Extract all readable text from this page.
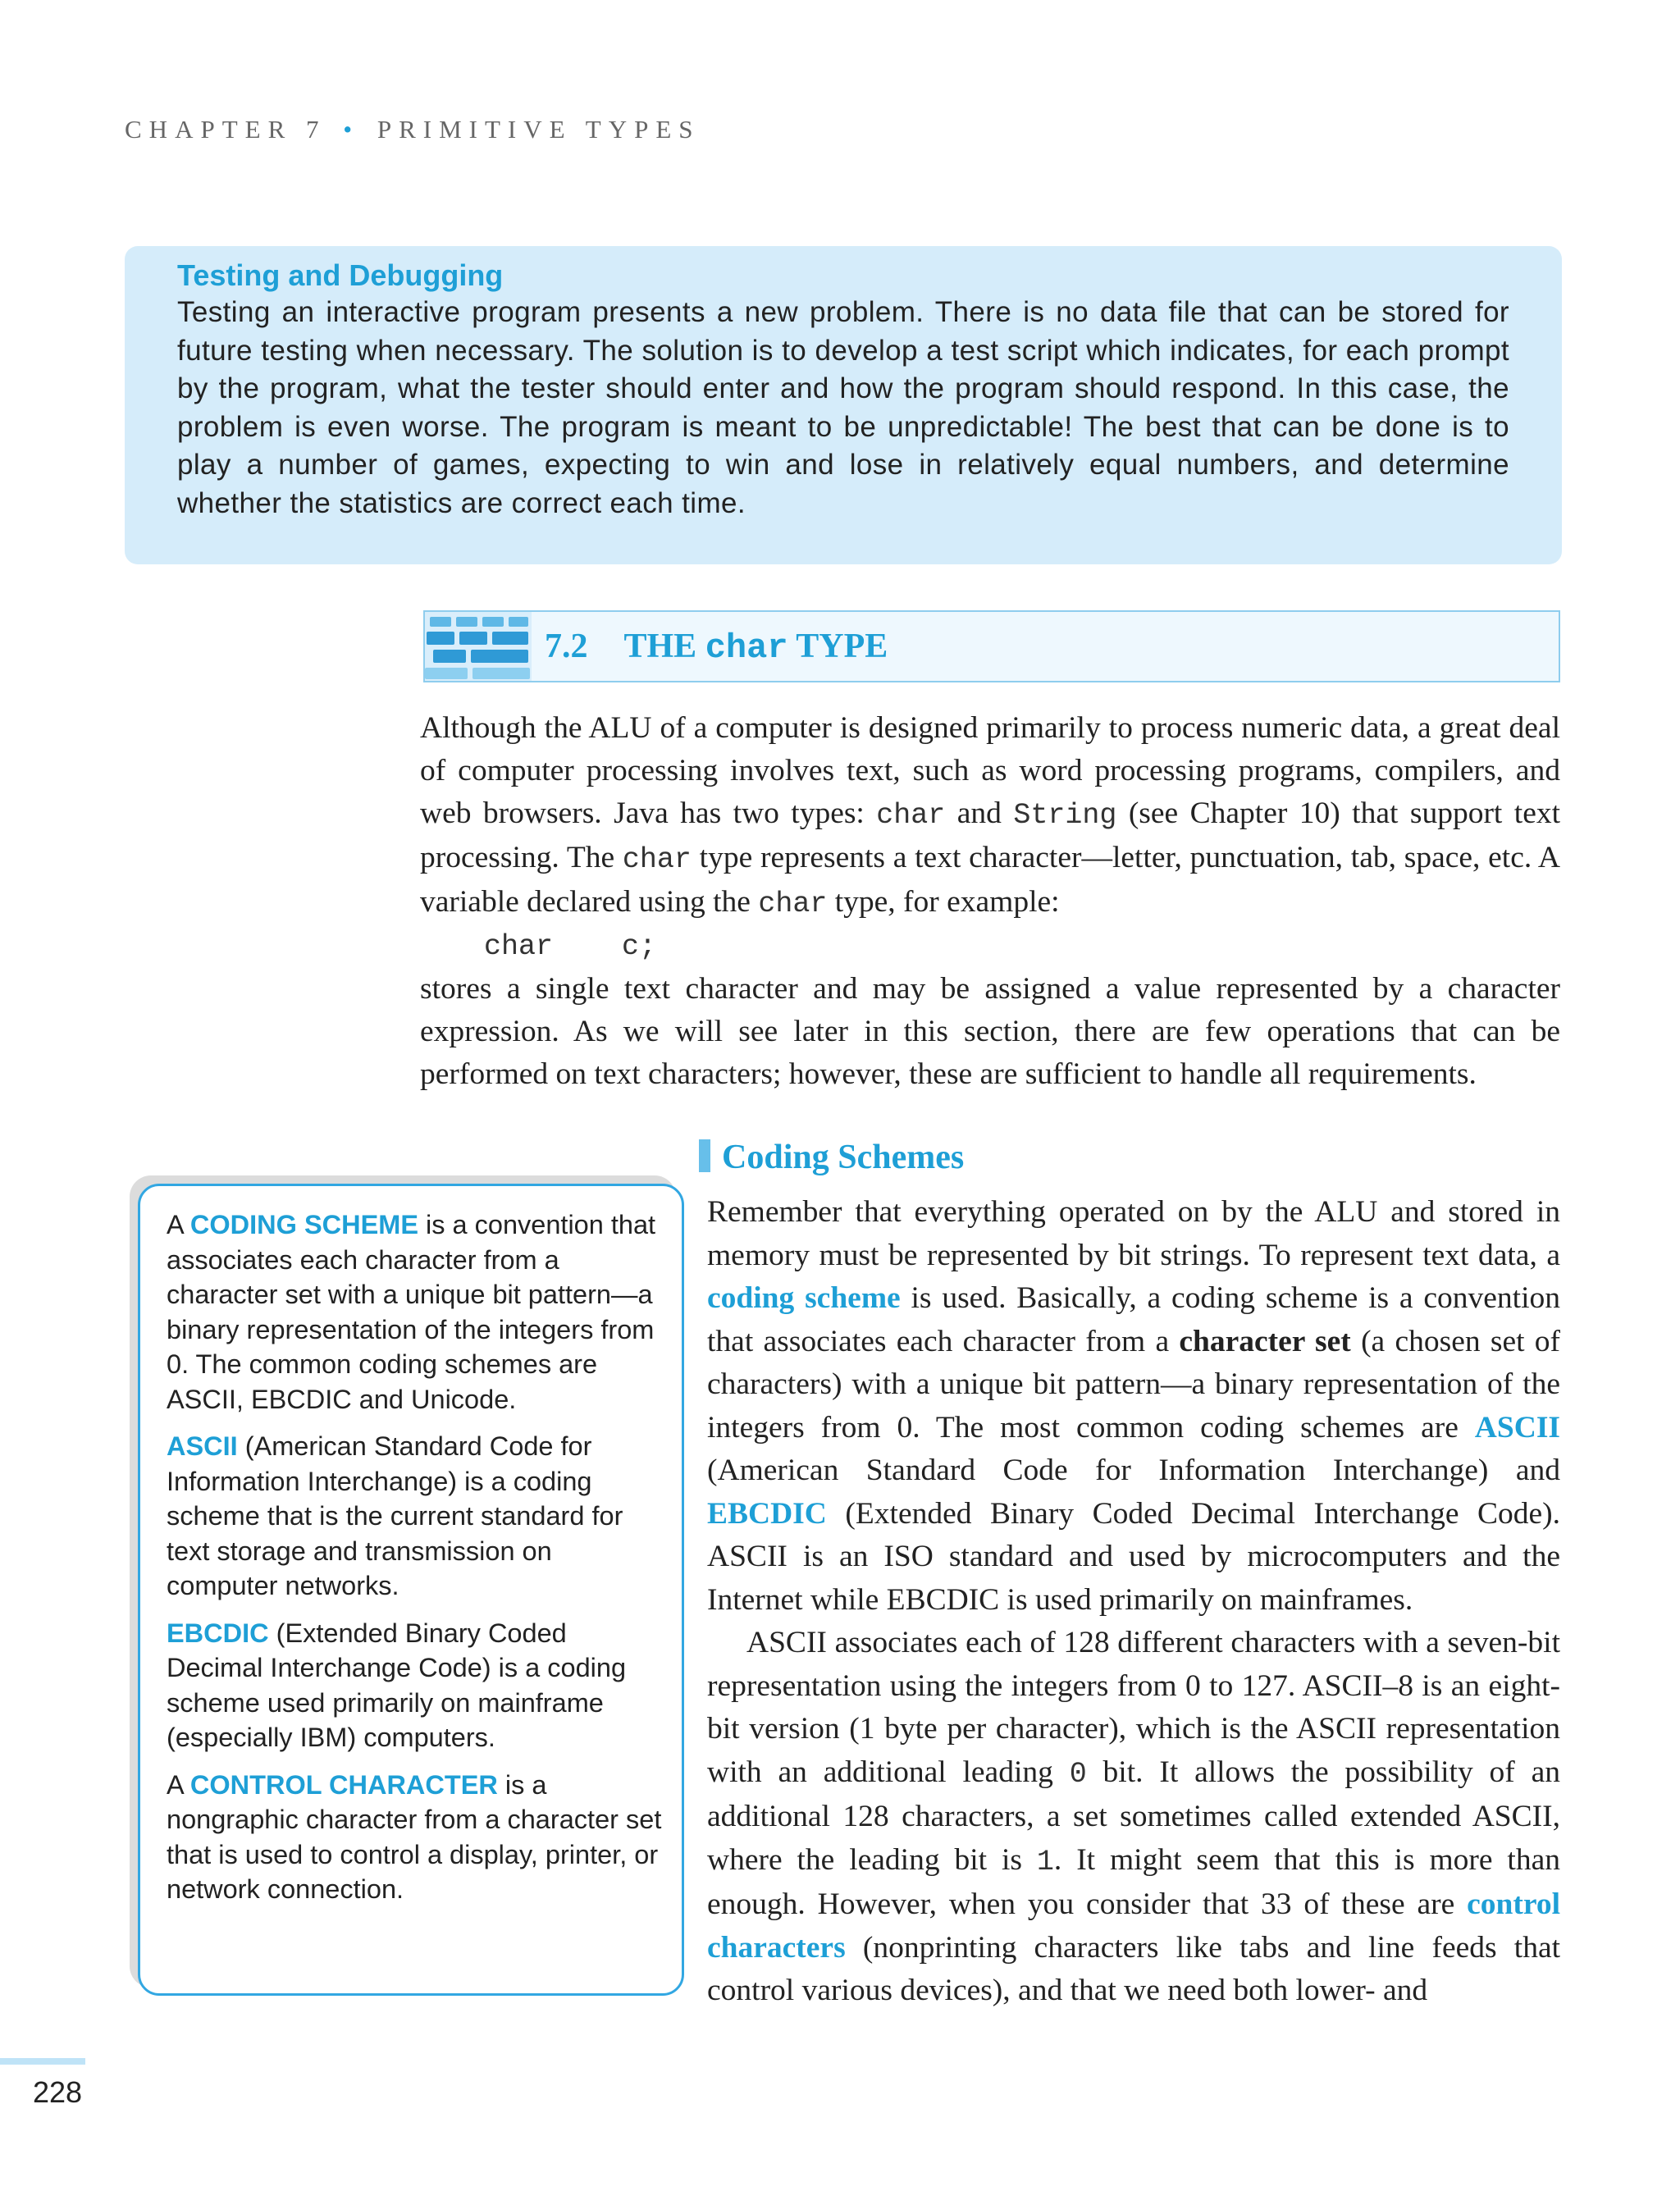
CHAPTER 7 • PRIMITIVE TYPES
Testing and Debugging
Testing an interactive program presents a new problem. There is no data file that can be stored for future testing when necessary. The solution is to develop a test script which indicates, for each prompt by the program, what the tester should enter and how the program should respond. In this case, the problem is even worse. The program is meant to be unpredictable! The best that can be done is to play a number of games, expecting to win and lose in relatively equal numbers, and determine whether the statistics are correct each time.
7.2 THE char TYPE

Although the ALU of a computer is designed primarily to process numeric data, a great deal of computer processing involves text, such as word processing programs, compilers, and web browsers. Java has two types: char and String (see Chapter 10) that support text processing. The char type represents a text character—letter, punctuation, tab, space, etc. A variable declared using the char type, for example:

char    c;

stores a single text character and may be assigned a value represented by a character expression. As we will see later in this section, there are few operations that can be performed on text characters; however, these are sufficient to handle all requirements.

Coding Schemes

A CODING SCHEME is a convention that associates each character from a character set with a unique bit pattern—a binary representation of the integers from 0. The common coding schemes are ASCII, EBCDIC and Unicode.

ASCII (American Standard Code for Information Interchange) is a coding scheme that is the current standard for text storage and transmission on computer networks.

EBCDIC (Extended Binary Coded Decimal Interchange Code) is a coding scheme used primarily on mainframe (especially IBM) computers.

A CONTROL CHARACTER is a nongraphic character from a character set that is used to control a display, printer, or network connection.

Remember that everything operated on by the ALU and stored in memory must be represented by bit strings. To represent text data, a coding scheme is used. Basically, a coding scheme is a convention that associates each character from a character set (a chosen set of characters) with a unique bit pattern—a binary representation of the integers from 0. The most common coding schemes are ASCII (American Standard Code for Information Interchange) and EBCDIC (Extended Binary Coded Decimal Interchange Code). ASCII is an ISO standard and used by microcomputers and the Internet while EBCDIC is used primarily on mainframes.

ASCII associates each of 128 different characters with a seven-bit representation using the integers from 0 to 127. ASCII–8 is an eight-bit version (1 byte per character), which is the ASCII representation with an additional leading 0 bit. It allows the possibility of an additional 128 characters, a set sometimes called extended ASCII, where the leading bit is 1. It might seem that this is more than enough. However, when you consider that 33 of these are control characters (nonprinting characters like tabs and line feeds that control various devices), and that we need both lower- and

228
